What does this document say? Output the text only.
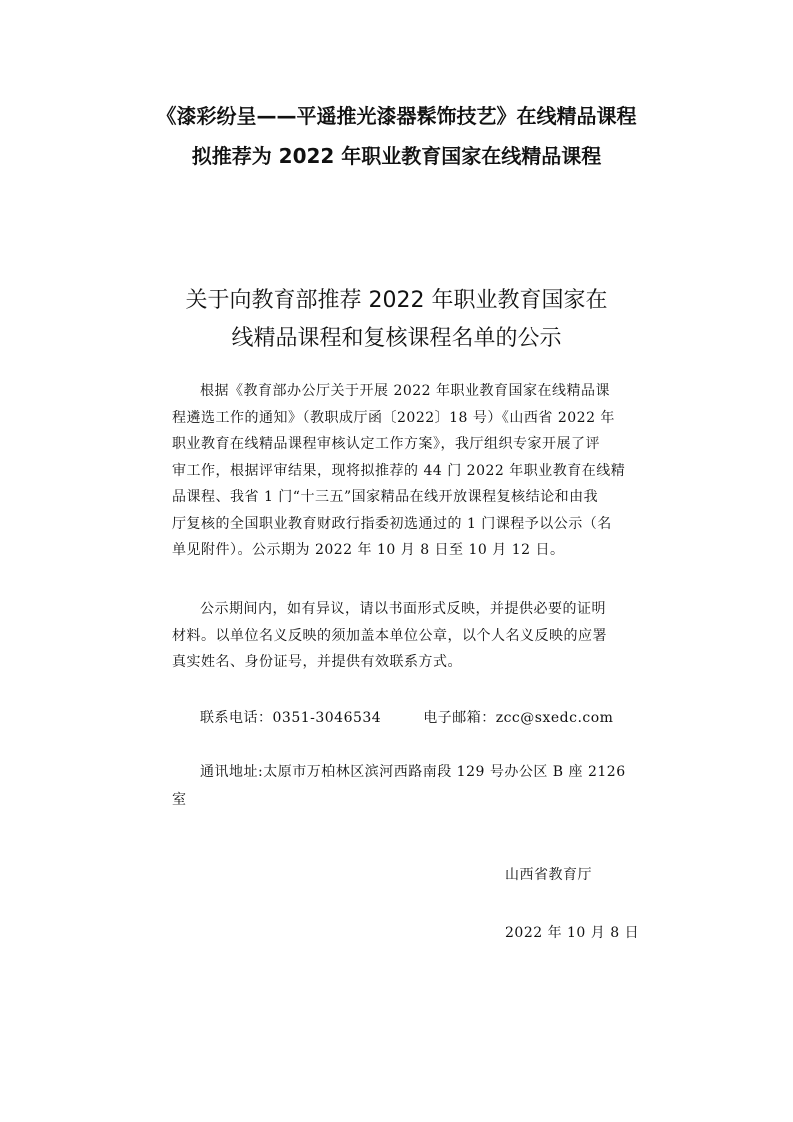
《漆彩纷呈——平遥推光漆器髹饰技艺》在线精品课程
拟推荐为 2022 年职业教育国家在线精品课程
关于向教育部推荐 2022 年职业教育国家在
线精品课程和复核课程名单的公示
根据《教育部办公厅关于开展 2022 年职业教育国家在线精品课
程遴选工作的通知》（教职成厅函〔2022〕18 号）《山西省 2022 年
职业教育在线精品课程审核认定工作方案》，我厅组织专家开展了评
审工作，根据评审结果，现将拟推荐的 44 门 2022 年职业教育在线精
品课程、我省 1 门“十三五”国家精品在线开放课程复核结论和由我
厅复核的全国职业教育财政行指委初选通过的 1 门课程予以公示（名
单见附件）。公示期为 2022 年 10 月 8 日至 10 月 12 日。
公示期间内，如有异议，请以书面形式反映，并提供必要的证明
材料。以单位名义反映的须加盖本单位公章，以个人名义反映的应署
真实姓名、身份证号，并提供有效联系方式。
联系电话：0351-3046534	电子邮箱：zcc@sxedc.com
通讯地址:太原市万柏林区滨河西路南段 129 号办公区 B 座 2126 室
山西省教育厅
2022 年 10 月 8 日
